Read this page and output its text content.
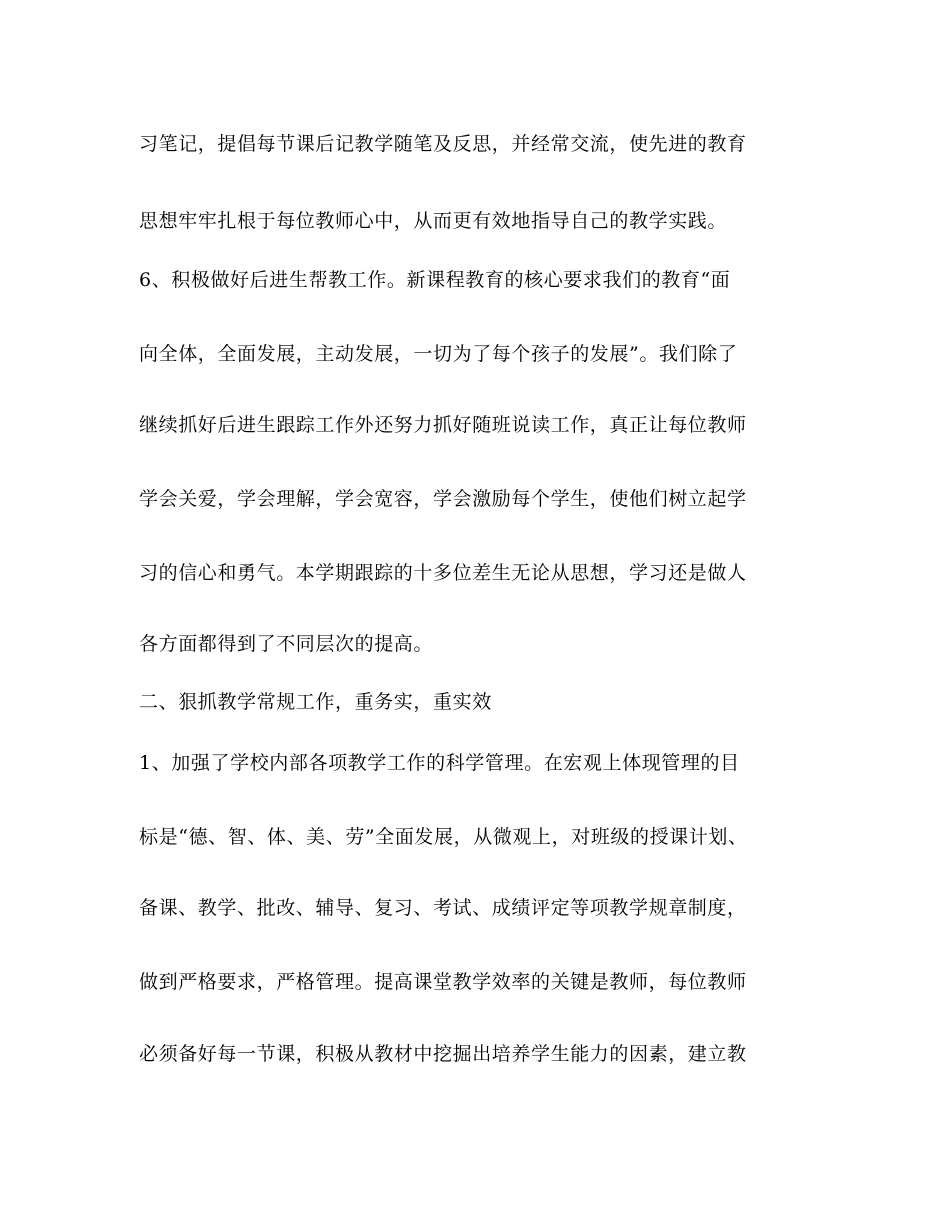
习笔记，提倡每节课后记教学随笔及反思，并经常交流，使先进的教育
思想牢牢扎根于每位教师心中，从而更有效地指导自己的教学实践。
6、积极做好后进生帮教工作。新课程教育的核心要求我们的教育“面
向全体，全面发展，主动发展，一切为了每个孩子的发展”。我们除了
继续抓好后进生跟踪工作外还努力抓好随班说读工作，真正让每位教师
学会关爱，学会理解，学会宽容，学会激励每个学生，使他们树立起学
习的信心和勇气。本学期跟踪的十多位差生无论从思想，学习还是做人
各方面都得到了不同层次的提高。
二、狠抓教学常规工作，重务实，重实效
1、加强了学校内部各项教学工作的科学管理。在宏观上体现管理的目
标是“德、智、体、美、劳”全面发展，从微观上，对班级的授课计划、
备课、教学、批改、辅导、复习、考试、成绩评定等项教学规章制度，
做到严格要求，严格管理。提高课堂教学效率的关键是教师，每位教师
必须备好每一节课，积极从教材中挖掘出培养学生能力的因素，建立教
